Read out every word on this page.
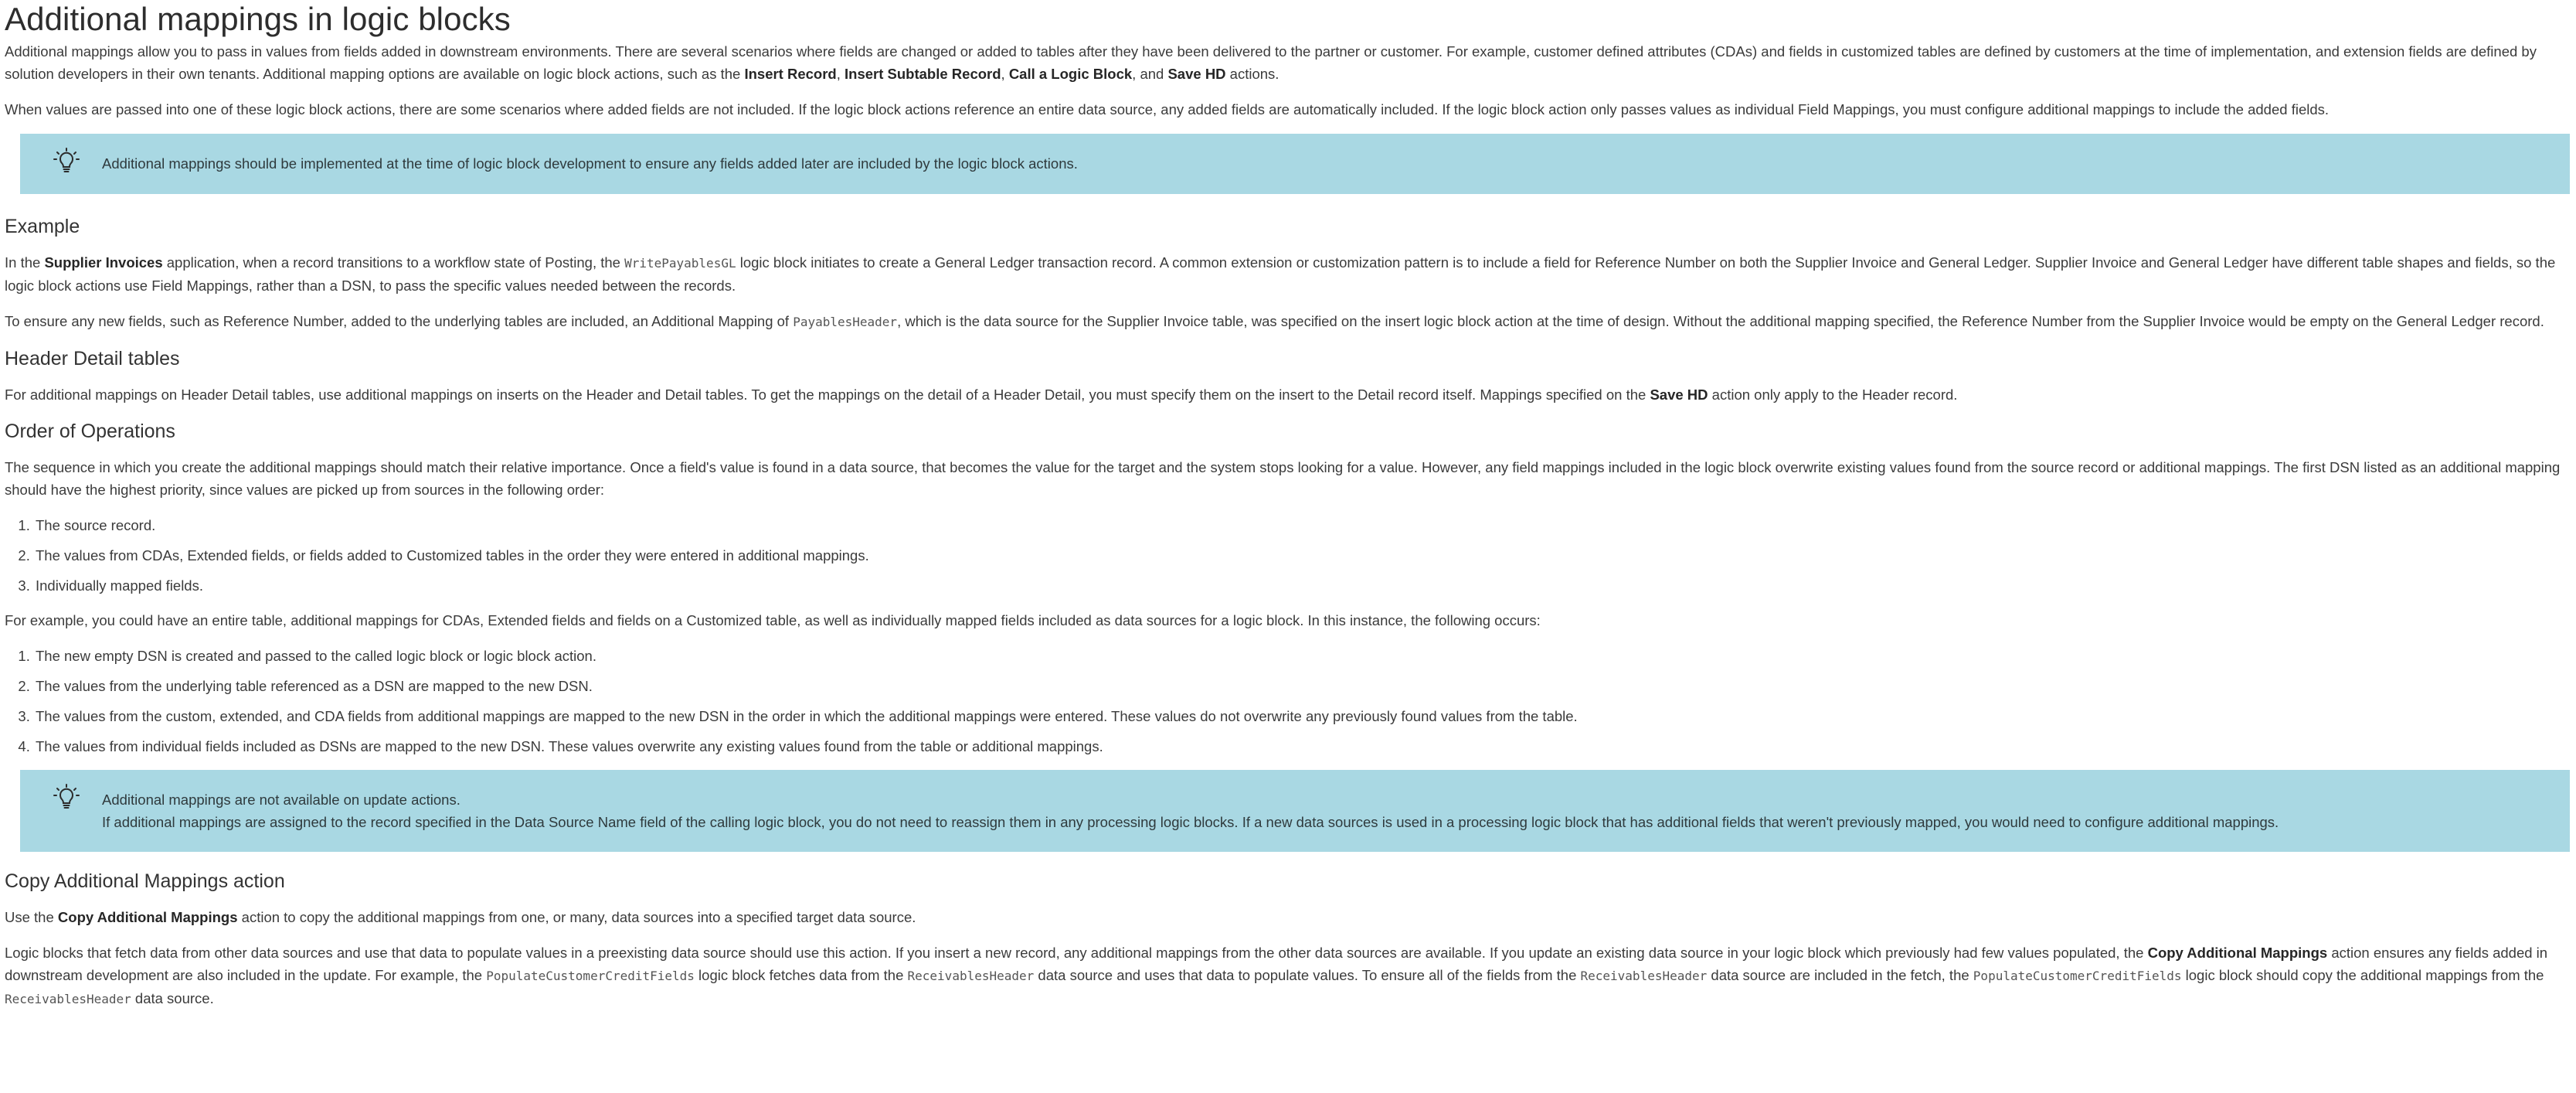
Additional mappings in logic blocks

Additional mappings allow you to pass in values from fields added in downstream environments. There are several scenarios where fields are changed or added to tables after they have been delivered to the partner or customer. For example, customer defined attributes (CDAs) and fields in customized tables are defined by customers at the time of implementation, and extension fields are defined by solution developers in their own tenants. Additional mapping options are available on logic block actions, such as the Insert Record, Insert Subtable Record, Call a Logic Block, and Save HD actions.

When values are passed into one of these logic block actions, there are some scenarios where added fields are not included. If the logic block actions reference an entire data source, any added fields are automatically included. If the logic block action only passes values as individual Field Mappings, you must configure additional mappings to include the added fields.

Additional mappings should be implemented at the time of logic block development to ensure any fields added later are included by the logic block actions.
Example

In the Supplier Invoices application, when a record transitions to a workflow state of Posting, the WritePayablesGL logic block initiates to create a General Ledger transaction record. A common extension or customization pattern is to include a field for Reference Number on both the Supplier Invoice and General Ledger. Supplier Invoice and General Ledger have different table shapes and fields, so the logic block actions use Field Mappings, rather than a DSN, to pass the specific values needed between the records.

To ensure any new fields, such as Reference Number, added to the underlying tables are included, an Additional Mapping of PayablesHeader, which is the data source for the Supplier Invoice table, was specified on the insert logic block action at the time of design. Without the additional mapping specified, the Reference Number from the Supplier Invoice would be empty on the General Ledger record.

Header Detail tables

For additional mappings on Header Detail tables, use additional mappings on inserts on the Header and Detail tables. To get the mappings on the detail of a Header Detail, you must specify them on the insert to the Detail record itself. Mappings specified on the Save HD action only apply to the Header record.

Order of Operations

The sequence in which you create the additional mappings should match their relative importance. Once a field's value is found in a data source, that becomes the value for the target and the system stops looking for a value. However, any field mappings included in the logic block overwrite existing values found from the source record or additional mappings. The first DSN listed as an additional mapping should have the highest priority, since values are picked up from sources in the following order:

1. The source record.
2. The values from CDAs, Extended fields, or fields added to Customized tables in the order they were entered in additional mappings.
3. Individually mapped fields.

For example, you could have an entire table, additional mappings for CDAs, Extended fields and fields on a Customized table, as well as individually mapped fields included as data sources for a logic block. In this instance, the following occurs:

1. The new empty DSN is created and passed to the called logic block or logic block action.
2. The values from the underlying table referenced as a DSN are mapped to the new DSN.
3. The values from the custom, extended, and CDA fields from additional mappings are mapped to the new DSN in the order in which the additional mappings were entered. These values do not overwrite any previously found values from the table.
4. The values from individual fields included as DSNs are mapped to the new DSN. These values overwrite any existing values found from the table or additional mappings.
Additional mappings are not available on update actions.
If additional mappings are assigned to the record specified in the Data Source Name field of the calling logic block, you do not need to reassign them in any processing logic blocks. If a new data sources is used in a processing logic block that has additional fields that weren't previously mapped, you would need to configure additional mappings.
Copy Additional Mappings action

Use the Copy Additional Mappings action to copy the additional mappings from one, or many, data sources into a specified target data source.

Logic blocks that fetch data from other data sources and use that data to populate values in a preexisting data source should use this action. If you insert a new record, any additional mappings from the other data sources are available. If you update an existing data source in your logic block which previously had few values populated, the Copy Additional Mappings action ensures any fields added in downstream development are also included in the update. For example, the PopulateCustomerCreditFields logic block fetches data from the ReceivablesHeader data source and uses that data to populate values. To ensure all of the fields from the ReceivablesHeader data source are included in the fetch, the PopulateCustomerCreditFields logic block should copy the additional mappings from the ReceivablesHeader data source.
